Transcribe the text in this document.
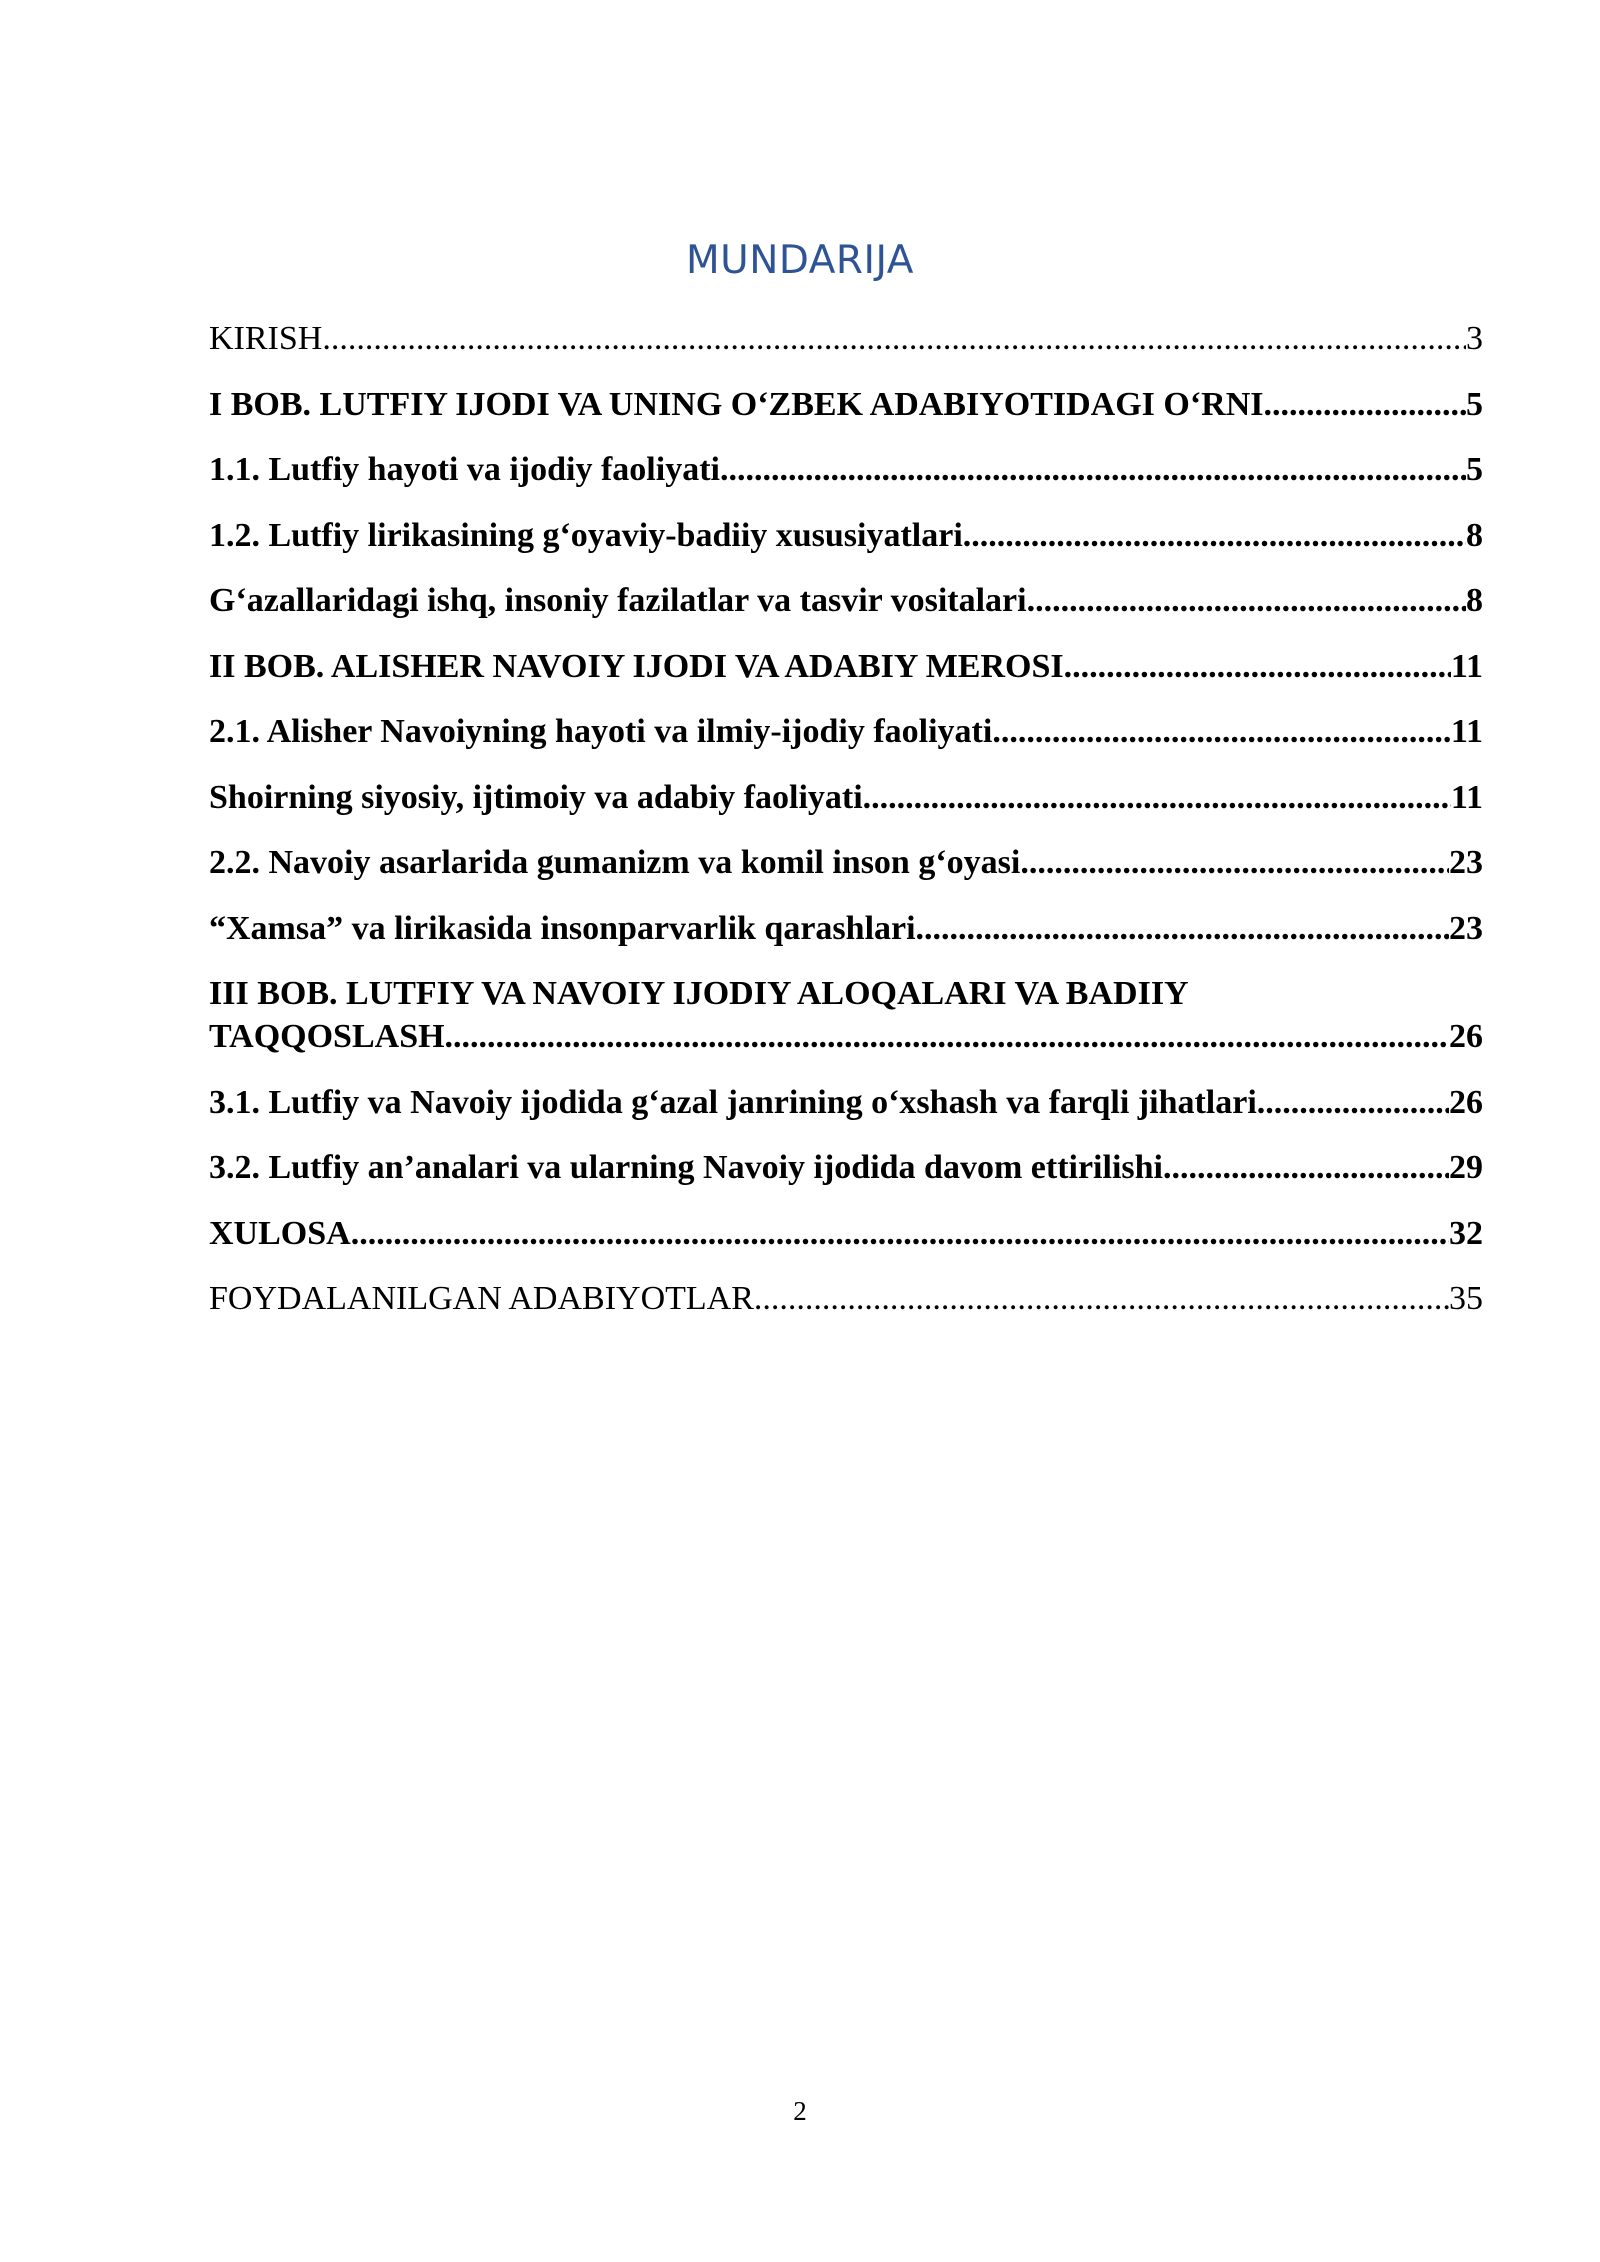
MUNDARIJA
KIRISH .....	3
I BOB. LUTFIY IJODI VA UNING O‘ZBEK ADABIYOTIDAGI O‘RNI .....	5
1.1. Lutfiy hayoti va ijodiy faoliyati .....	5
1.2. Lutfiy lirikasining g‘oyaviy-badiiy xususiyatlari .....	8
G‘azallaridagi ishq, insoniy fazilatlar va tasvir vositalari .....	8
II BOB. ALISHER NAVOIY IJODI VA ADABIY MEROSI .....	11
2.1. Alisher Navoiyning hayoti va ilmiy-ijodiy faoliyati .....	11
Shoirning siyosiy, ijtimoiy va adabiy faoliyati .....	11
2.2. Navoiy asarlarida gumanizm va komil inson g‘oyasi .....	23
“Xamsa” va lirikasida insonparvarlik qarashlari .....	23
III BOB. LUTFIY VA NAVOIY IJODIY ALOQALARI VA BADIIY
TAQQOSLASH .....	26
3.1. Lutfiy va Navoiy ijodida g‘azal janrining o‘xshash va farqli jihatlari .....	26
3.2. Lutfiy an’analari va ularning Navoiy ijodida davom ettirilishi .....	29
XULOSA .....	32
FOYDALANILGAN ADABIYOTLAR .....	35
2
